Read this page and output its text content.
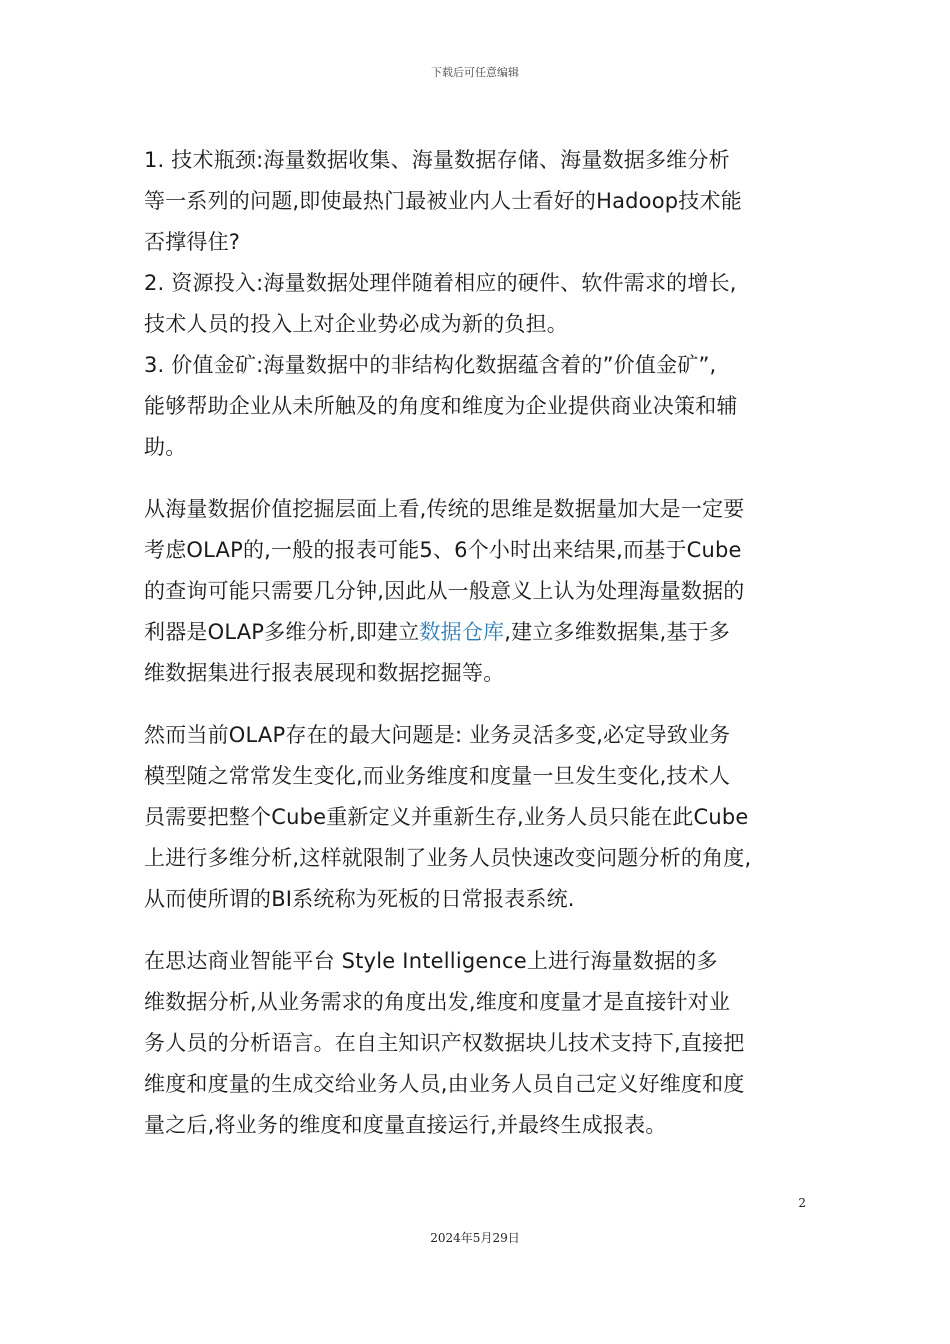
下载后可任意编辑

1. 技术瓶颈:海量数据收集、海量数据存储、海量数据多维分析
等一系列的问题,即使最热门最被业内人士看好的Hadoop技术能
否撑得住?

2. 资源投入:海量数据处理伴随着相应的硬件、软件需求的增长,
技术人员的投入上对企业势必成为新的负担。

3. 价值金矿:海量数据中的非结构化数据蕴含着的”价值金矿”,
能够帮助企业从未所触及的角度和维度为企业提供商业决策和辅
助。

从海量数据价值挖掘层面上看,传统的思维是数据量加大是一定要
考虑OLAP的,一般的报表可能5、6个小时出来结果,而基于Cube
的查询可能只需要几分钟,因此从一般意义上认为处理海量数据的
利器是OLAP多维分析,即建立数据仓库,建立多维数据集,基于多
维数据集进行报表展现和数据挖掘等。

然而当前OLAP存在的最大问题是: 业务灵活多变,必定导致业务
模型随之常常发生变化,而业务维度和度量一旦发生变化,技术人
员需要把整个Cube重新定义并重新生存,业务人员只能在此Cube
上进行多维分析,这样就限制了业务人员快速改变问题分析的角度,
从而使所谓的BI系统称为死板的日常报表系统.

在思达商业智能平台 Style Intelligence上进行海量数据的多
维数据分析,从业务需求的角度出发,维度和度量才是直接针对业
务人员的分析语言。在自主知识产权数据块儿技术支持下,直接把
维度和度量的生成交给业务人员,由业务人员自己定义好维度和度
量之后,将业务的维度和度量直接运行,并最终生成报表。

2
2024年5月29日
